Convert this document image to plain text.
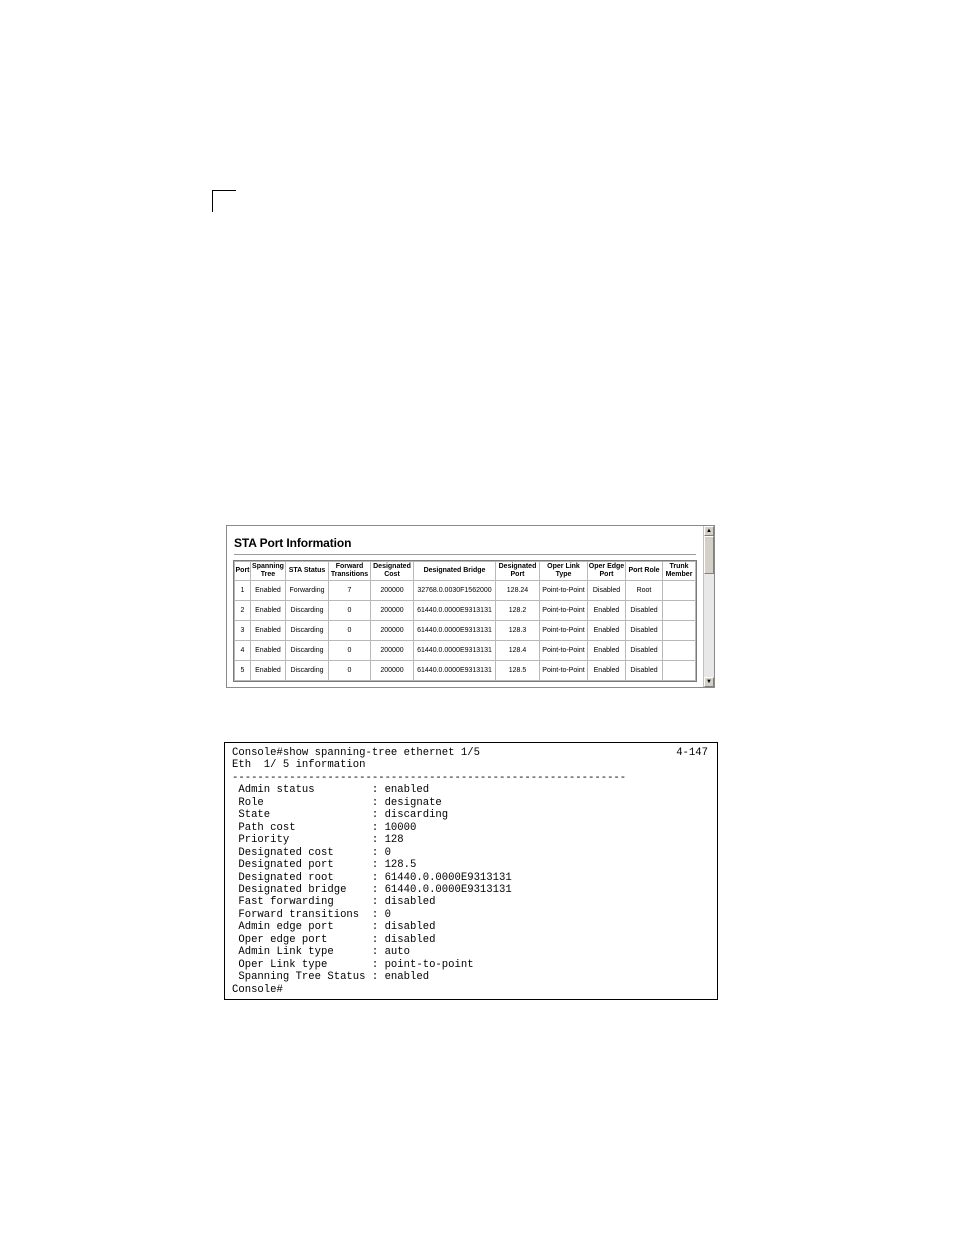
STA Port Information
Port	Spanning Tree	STA Status	Forward Transitions	Designated Cost	Designated Bridge	Designated Port	Oper Link Type	Oper Edge Port	Port Role	Trunk Member
1	Enabled	Forwarding	7	200000	32768.0.0030F1562000	128.24	Point-to-Point	Disabled	Root	
2	Enabled	Discarding	0	200000	61440.0.0000E9313131	128.2	Point-to-Point	Enabled	Disabled	
3	Enabled	Discarding	0	200000	61440.0.0000E9313131	128.3	Point-to-Point	Enabled	Disabled	
4	Enabled	Discarding	0	200000	61440.0.0000E9313131	128.4	Point-to-Point	Enabled	Disabled	
5	Enabled	Discarding	0	200000	61440.0.0000E9313131	128.5	Point-to-Point	Enabled	Disabled	
▲
▼
4-147
Console#show spanning-tree ethernet 1/5
Eth  1/ 5 information
--------------------------------------------------------------
Admin status         : enabled
Role                 : designate
State                : discarding
Path cost            : 10000
Priority             : 128
Designated cost      : 0
Designated port      : 128.5
Designated root      : 61440.0.0000E9313131
Designated bridge    : 61440.0.0000E9313131
Fast forwarding      : disabled
Forward transitions  : 0
Admin edge port      : disabled
Oper edge port       : disabled
Admin Link type      : auto
Oper Link type       : point-to-point
Spanning Tree Status : enabled
Console#
